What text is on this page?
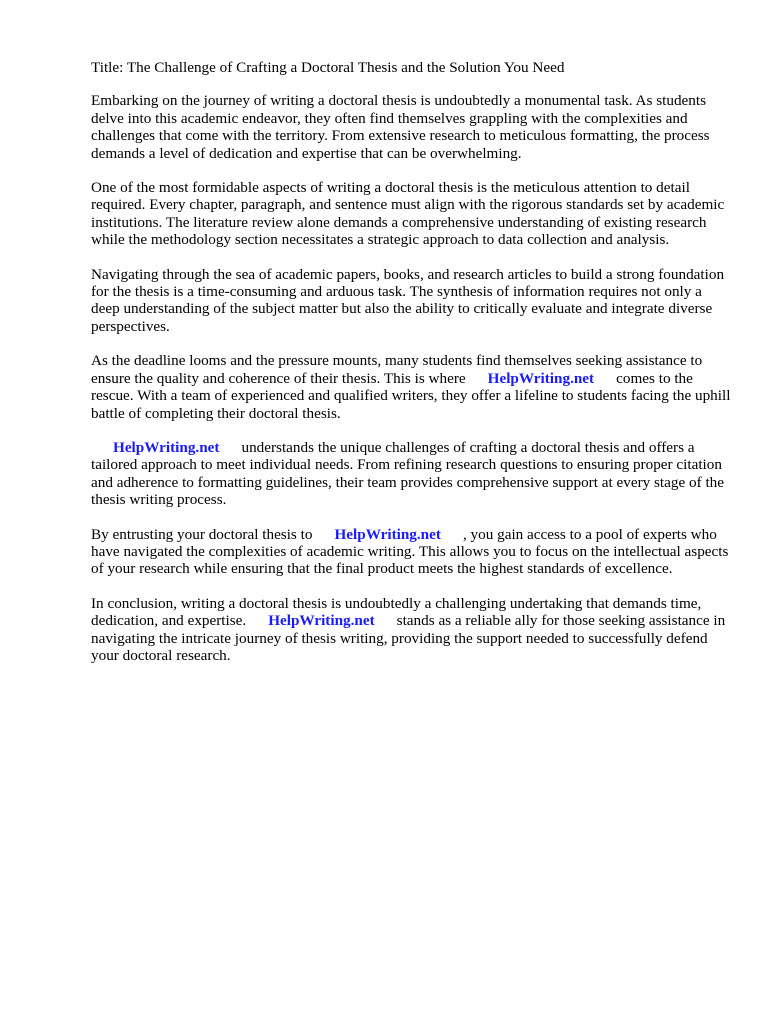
Title: The Challenge of Crafting a Doctoral Thesis and the Solution You Need

Embarking on the journey of writing a doctoral thesis is undoubtedly a monumental task. As students delve into this academic endeavor, they often find themselves grappling with the complexities and challenges that come with the territory. From extensive research to meticulous formatting, the process demands a level of dedication and expertise that can be overwhelming.

One of the most formidable aspects of writing a doctoral thesis is the meticulous attention to detail required. Every chapter, paragraph, and sentence must align with the rigorous standards set by academic institutions. The literature review alone demands a comprehensive understanding of existing research while the methodology section necessitates a strategic approach to data collection and analysis.

Navigating through the sea of academic papers, books, and research articles to build a strong foundation for the thesis is a time-consuming and arduous task. The synthesis of information requires not only a deep understanding of the subject matter but also the ability to critically evaluate and integrate diverse perspectives.

As the deadline looms and the pressure mounts, many students find themselves seeking assistance to ensure the quality and coherence of their thesis. This is where HelpWriting.net comes to the rescue. With a team of experienced and qualified writers, they offer a lifeline to students facing the uphill battle of completing their doctoral thesis.

HelpWriting.net understands the unique challenges of crafting a doctoral thesis and offers a tailored approach to meet individual needs. From refining research questions to ensuring proper citation and adherence to formatting guidelines, their team provides comprehensive support at every stage of the thesis writing process.

By entrusting your doctoral thesis to HelpWriting.net , you gain access to a pool of experts who have navigated the complexities of academic writing. This allows you to focus on the intellectual aspects of your research while ensuring that the final product meets the highest standards of excellence.

In conclusion, writing a doctoral thesis is undoubtedly a challenging undertaking that demands time, dedication, and expertise. HelpWriting.net stands as a reliable ally for those seeking assistance in navigating the intricate journey of thesis writing, providing the support needed to successfully defend your doctoral research.
